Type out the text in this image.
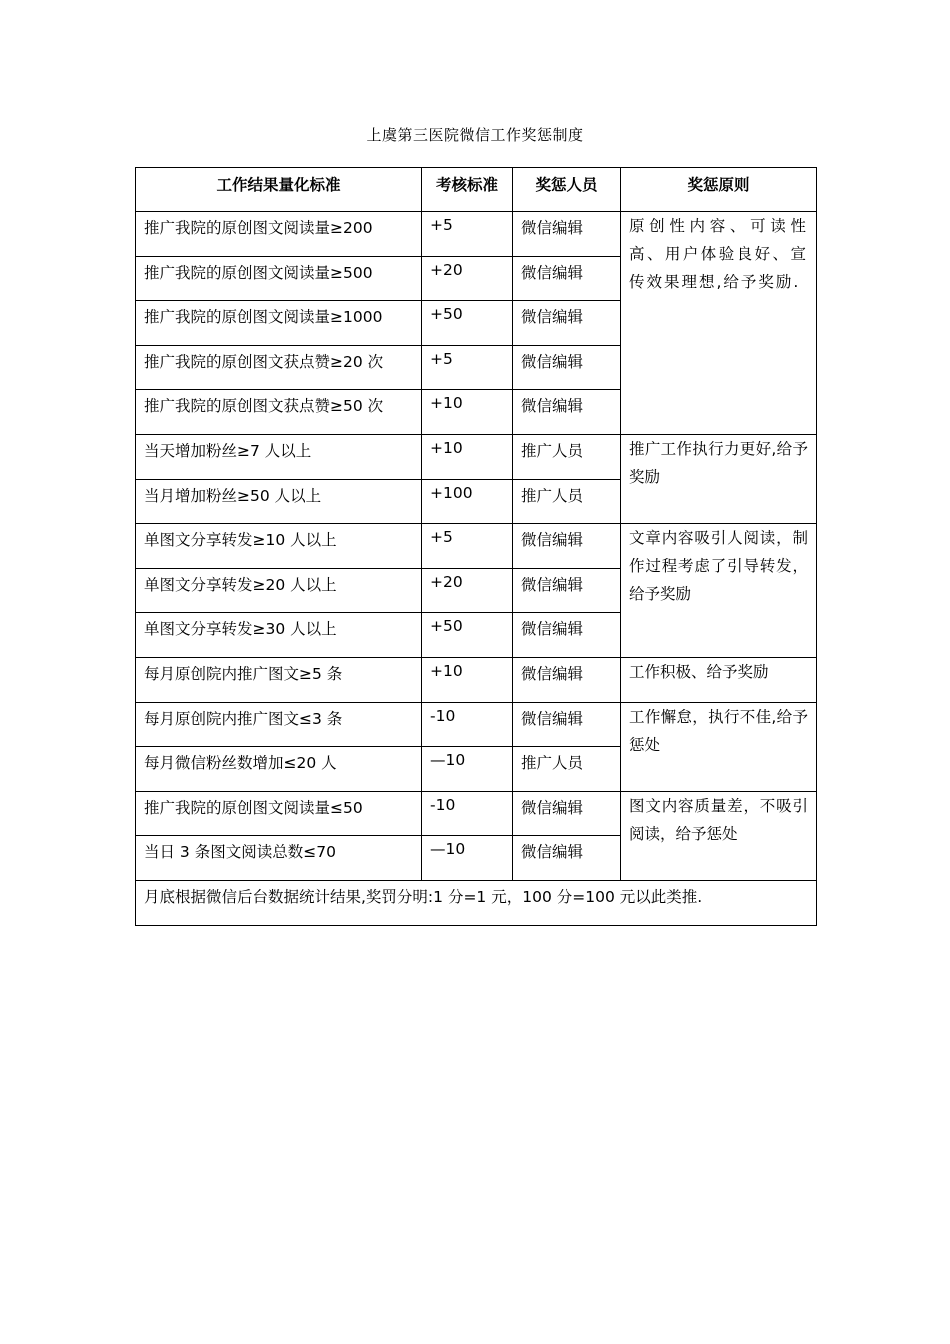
上虞第三医院微信工作奖惩制度
工作结果量化标准	考核标准	奖惩人员	奖惩原则
推广我院的原创图文阅读量≥200	+5	微信编辑	原创性内容、可读性高、用户体验良好、宣传效果理想,给予奖励.
推广我院的原创图文阅读量≥500	+20	微信编辑	
推广我院的原创图文阅读量≥1000	+50	微信编辑	
推广我院的原创图文获点赞≥20 次	+5	微信编辑	
推广我院的原创图文获点赞≥50 次	+10	微信编辑	
当天增加粉丝≥7 人以上	+10	推广人员	推广工作执行力更好,给予奖励
当月增加粉丝≥50 人以上	+100	推广人员	
单图文分享转发≥10 人以上	+5	微信编辑	文章内容吸引人阅读，制作过程考虑了引导转发，给予奖励
单图文分享转发≥20 人以上	+20	微信编辑	
单图文分享转发≥30 人以上	+50	微信编辑	
每月原创院内推广图文≥5 条	+10	微信编辑	工作积极、给予奖励
每月原创院内推广图文≤3 条	-10	微信编辑	工作懈怠，执行不佳,给予惩处
每月微信粉丝数增加≤20 人	—10	推广人员	
推广我院的原创图文阅读量≤50	-10	微信编辑	图文内容质量差，不吸引阅读，给予惩处
当日 3 条图文阅读总数≤70	—10	微信编辑	
月底根据微信后台数据统计结果,奖罚分明:1 分=1 元，100 分=100 元以此类推.			
